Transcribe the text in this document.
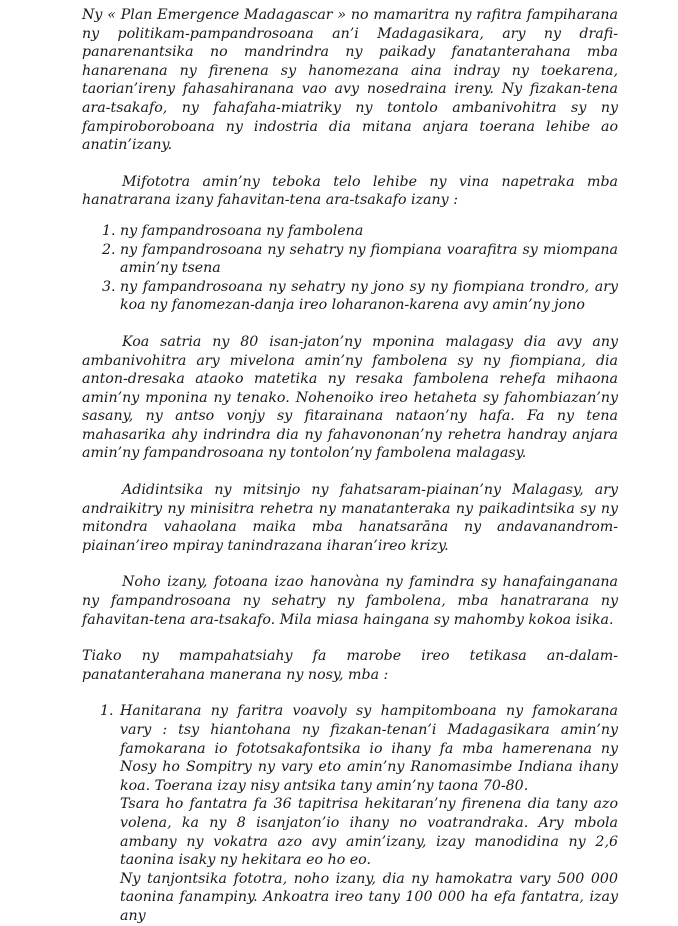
Ny « Plan Emergence Madagascar » no mamaritra ny rafitra fampiharana ny politikam-pampandrosoana an’i Madagasikara, ary ny drafi-panarenantsika no mandrindra ny paikady fanatanterahana mba hanarenana ny firenena sy hanomezana aina indray ny toekarena, taorian’ireny fahasahiranana vao avy nosedraina ireny. Ny fizakan-tena ara-tsakafo, ny fahafaha-miatriky ny tontolo ambanivohitra sy ny fampiroboroboana ny indostria dia mitana anjara toerana lehibe ao anatin’izany.

Mifototra amin’ny teboka telo lehibe ny vina napetraka mba hanatrarana izany fahavitan-tena ara-tsakafo izany :

1. ny fampandrosoana ny fambolena
2. ny fampandrosoana ny sehatry ny fiompiana voarafitra sy miompana amin’ny tsena
3. ny fampandrosoana ny sehatry ny jono sy ny fiompiana trondro, ary koa ny fanomezan-danja ireo loharanon-karena avy amin’ny jono

Koa satria ny 80 isan-jaton’ny mponina malagasy dia avy any ambanivohitra ary mivelona amin’ny fambolena sy ny fiompiana, dia anton-dresaka ataoko matetika ny resaka fambolena rehefa mihaona amin’ny mponina ny tenako. Nohenoiko ireo hetaheta sy fahombiazan’ny sasany, ny antso vonjy sy fitarainana nataon’ny hafa. Fa ny tena mahasarika ahy indrindra dia ny fahavononan’ny rehetra handray anjara amin’ny fampandrosoana ny tontolon’ny fambolena malagasy.

Adidintsika ny mitsinjo ny fahatsaram-piainan’ny Malagasy, ary andraikitry ny minisitra rehetra ny manatanteraka ny paikadintsika sy ny mitondra vahaolana maika mba hanatsarāna ny andavanandrom-piainan’ireo mpiray tanindrazana iharan’ireo krizy.

Noho izany, fotoana izao hanovàna ny famindra sy hanafainganana ny fampandrosoana ny sehatry ny fambolena, mba hanatrarana ny fahavitan-tena ara-tsakafo. Mila miasa haingana sy mahomby kokoa isika.

Tiako ny mampahatsiahy fa marobe ireo tetikasa an-dalam-panatanterahana manerana ny nosy, mba :

1. Hanitarana ny faritra voavoly sy hampitomboana ny famokarana vary : tsy hiantohana ny fizakan-tenan’i Madagasikara amin’ny famokarana io fototsakafontsika io ihany fa mba hamerenana ny Nosy ho Sompitry ny vary eto amin’ny Ranomasimbe Indiana ihany koa. Toerana izay nisy antsika tany amin’ny taona 70-80.

Tsara ho fantatra fa 36 tapitrisa hekitaran’ny firenena dia tany azo volena, ka ny 8 isanjaton’io ihany no voatrandraka. Ary mbola ambany ny vokatra azo avy amin’izany, izay manodidina ny 2,6 taonina isaky ny hekitara eo ho eo.

Ny tanjontsika fototra, noho izany, dia ny hamokatra vary 500 000 taonina fanampiny. Ankoatra ireo tany 100 000 ha efa fantatra, izay any
